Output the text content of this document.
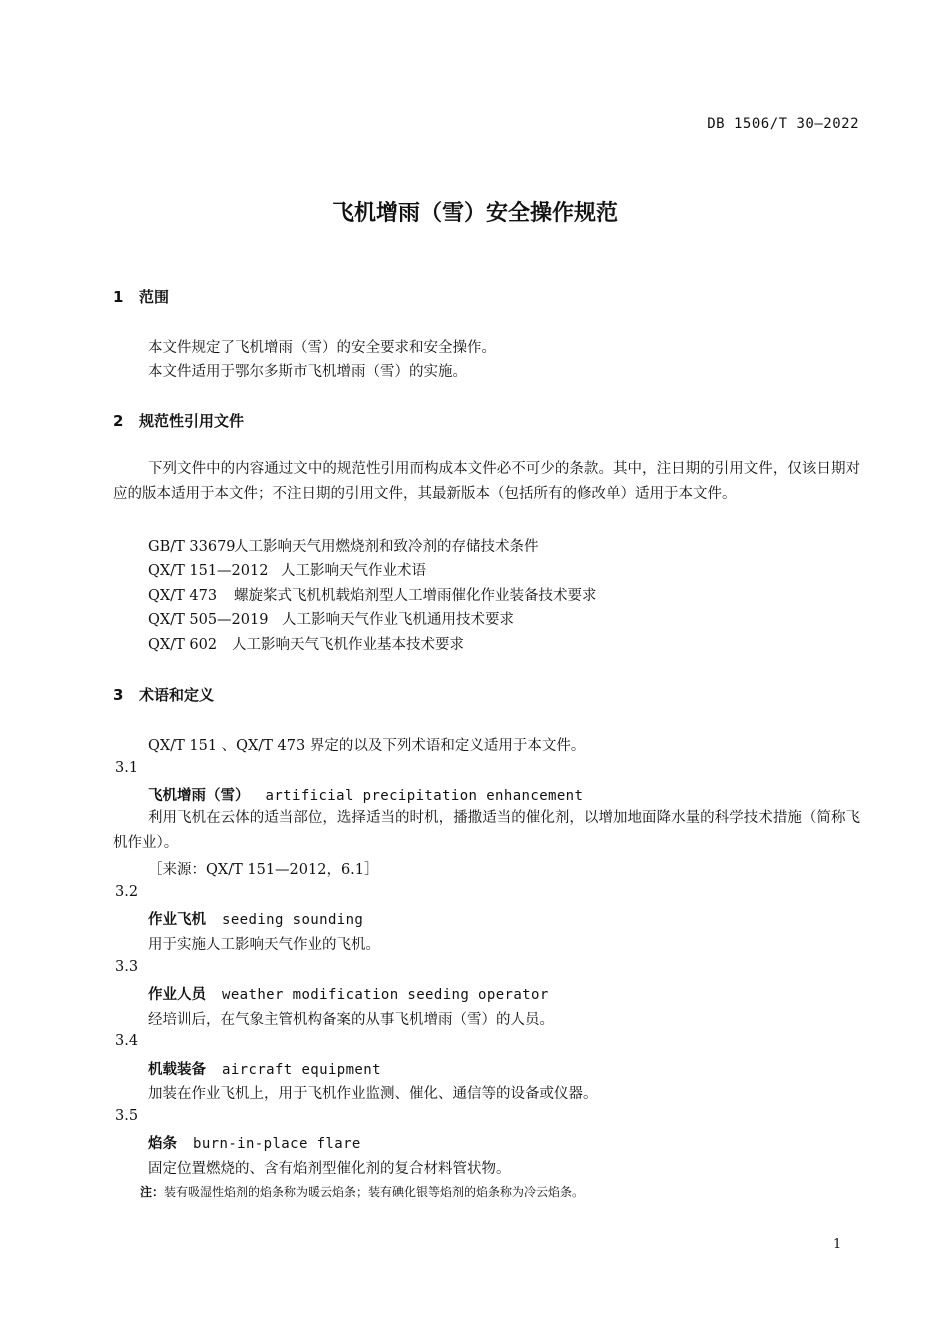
DB 1506/T 30—2022
飞机增雨（雪）安全操作规范
1 范围
本文件规定了飞机增雨（雪）的安全要求和安全操作。
本文件适用于鄂尔多斯市飞机增雨（雪）的实施。
2 规范性引用文件
下列文件中的内容通过文中的规范性引用而构成本文件必不可少的条款。其中，注日期的引用文件，仅该日期对应的版本适用于本文件；不注日期的引用文件，其最新版本（包括所有的修改单）适用于本文件。
GB/T 33679人工影响天气用燃烧剂和致冷剂的存储技术条件
QX/T 151—2012 人工影响天气作业术语
QX/T 473 螺旋桨式飞机机载焰剂型人工增雨催化作业装备技术要求
QX/T 505—2019 人工影响天气作业飞机通用技术要求
QX/T 602 人工影响天气飞机作业基本技术要求
3 术语和定义
QX/T 151 、QX/T 473 界定的以及下列术语和定义适用于本文件。
3.1
飞机增雨（雪） artificial precipitation enhancement
利用飞机在云体的适当部位，选择适当的时机，播撒适当的催化剂，以增加地面降水量的科学技术措施（简称飞机作业）。
［来源：QX/T 151—2012，6.1］
3.2
作业飞机 seeding sounding
用于实施人工影响天气作业的飞机。
3.3
作业人员 weather modification seeding operator
经培训后，在气象主管机构备案的从事飞机增雨（雪）的人员。
3.4
机载装备 aircraft equipment
加装在作业飞机上，用于飞机作业监测、催化、通信等的设备或仪器。
3.5
焰条 burn-in-place flare
固定位置燃烧的、含有焰剂型催化剂的复合材料管状物。
注：装有吸湿性焰剂的焰条称为暖云焰条；装有碘化银等焰剂的焰条称为冷云焰条。
1
